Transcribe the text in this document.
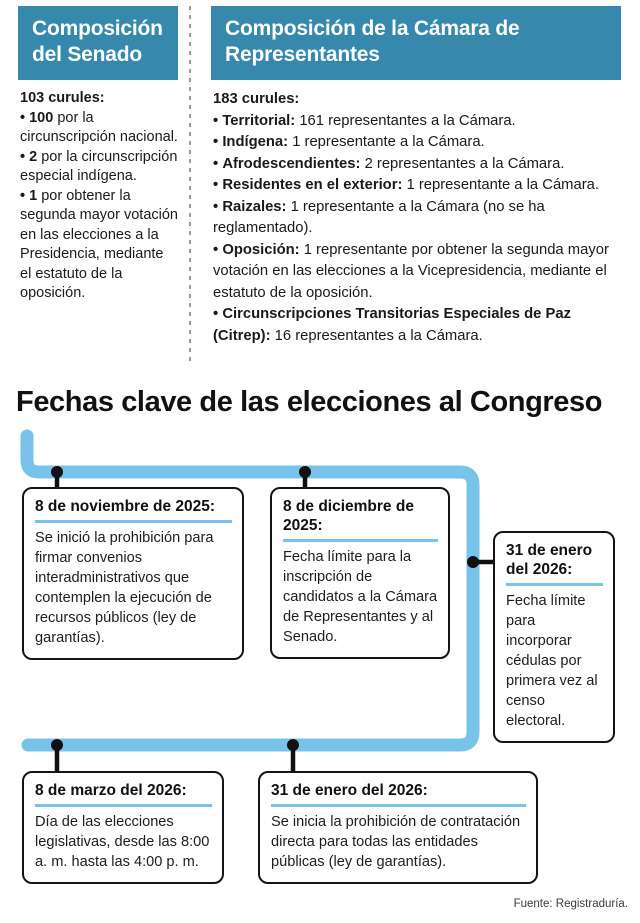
Composición
del Senado
103 curules:
• 100 por la circunscripción nacional.
• 2 por la circunscripción especial indígena.
• 1 por obtener la segunda mayor votación en las elecciones a la Presidencia, mediante el estatuto de la oposición.
Composición de la Cámara de
Representantes
183 curules:
• Territorial: 161 representantes a la Cámara.
• Indígena: 1 representante a la Cámara.
• Afrodescendientes: 2 representantes a la Cámara.
• Residentes en el exterior: 1 representante a la Cámara.
• Raizales: 1 representante a la Cámara (no se ha reglamentado).
• Oposición: 1 representante por obtener la segunda mayor votación en las elecciones a la Vicepresidencia, mediante el estatuto de la oposición.
• Circunscripciones Transitorias Especiales de Paz (Citrep): 16 representantes a la Cámara.
Fechas clave de las elecciones al Congreso
8 de noviembre de 2025:
Se inició la prohibición para firmar convenios interadministrativos que contemplen la ejecución de recursos públicos (ley de garantías).
8 de diciembre de 2025:
Fecha límite para la inscripción de candidatos a la Cámara de Representantes y al Senado.
31 de enero del 2026:
Fecha límite para incorporar cédulas por primera vez al censo electoral.
8 de marzo del 2026:
Día de las elecciones legislativas, desde las 8:00 a. m. hasta las 4:00 p. m.
31 de enero del 2026:
Se inicia la prohibición de contratación directa para todas las entidades públicas (ley de garantías).
Fuente: Registraduría.
